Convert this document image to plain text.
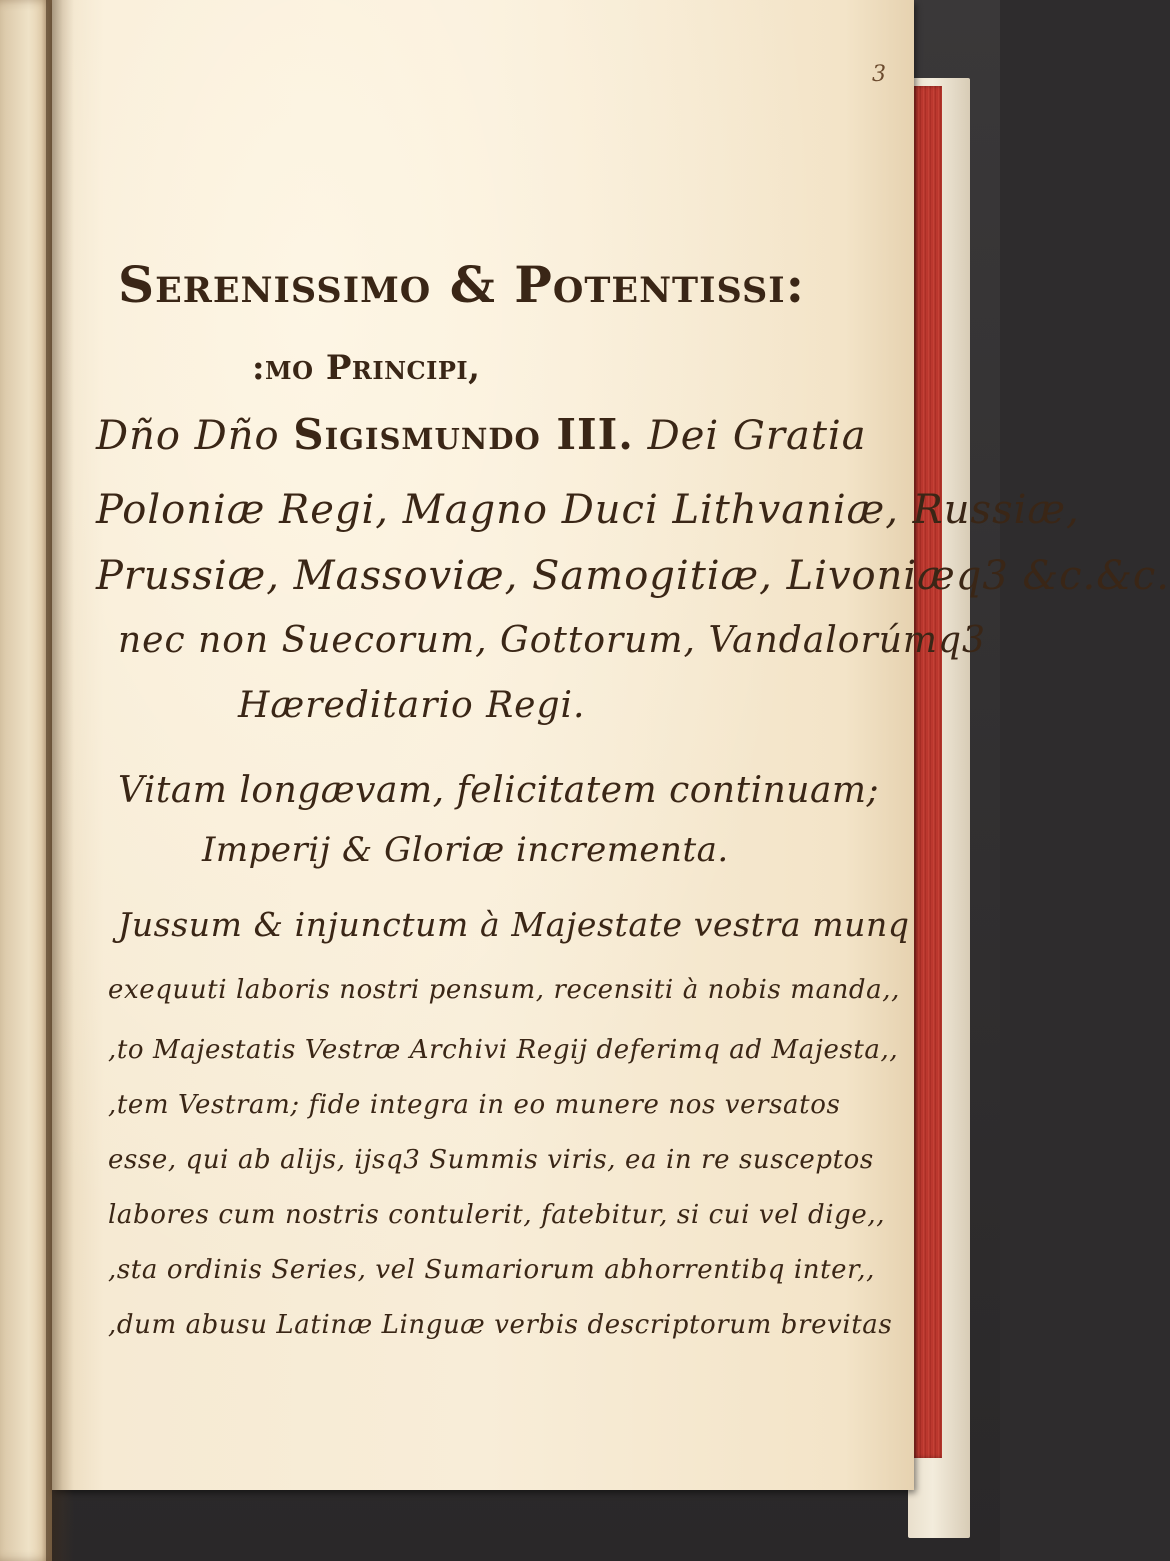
3
Serenissimo & Potentissi:
:mo Principi,
Dño Dño Sigismundo III. Dei Gratia
Poloniæ Regi, Magno Duci Lithvaniæ, Russiæ,
Prussiæ, Massoviæ, Samogitiæ, Livoniæq3 &c.&c.
nec non Suecorum, Gottorum, Vandalorúmq3
Hæreditario Regi.
Vitam longævam, felicitatem continuam;
Imperij & Gloriæ incrementa.
Jussum & injunctum à Majestate vestra munq
exequuti laboris nostri pensum, recensiti à nobis manda,,
,to Majestatis Vestræ Archivi Regij deferimq ad Majesta,,
,tem Vestram; fide integra in eo munere nos versatos
esse, qui ab alijs, ijsq3 Summis viris, ea in re susceptos
labores cum nostris contulerit, fatebitur, si cui vel dige,,
,sta ordinis Series, vel Sumariorum abhorrentibq inter,,
,dum abusu Latinæ Linguæ verbis descriptorum brevitas
